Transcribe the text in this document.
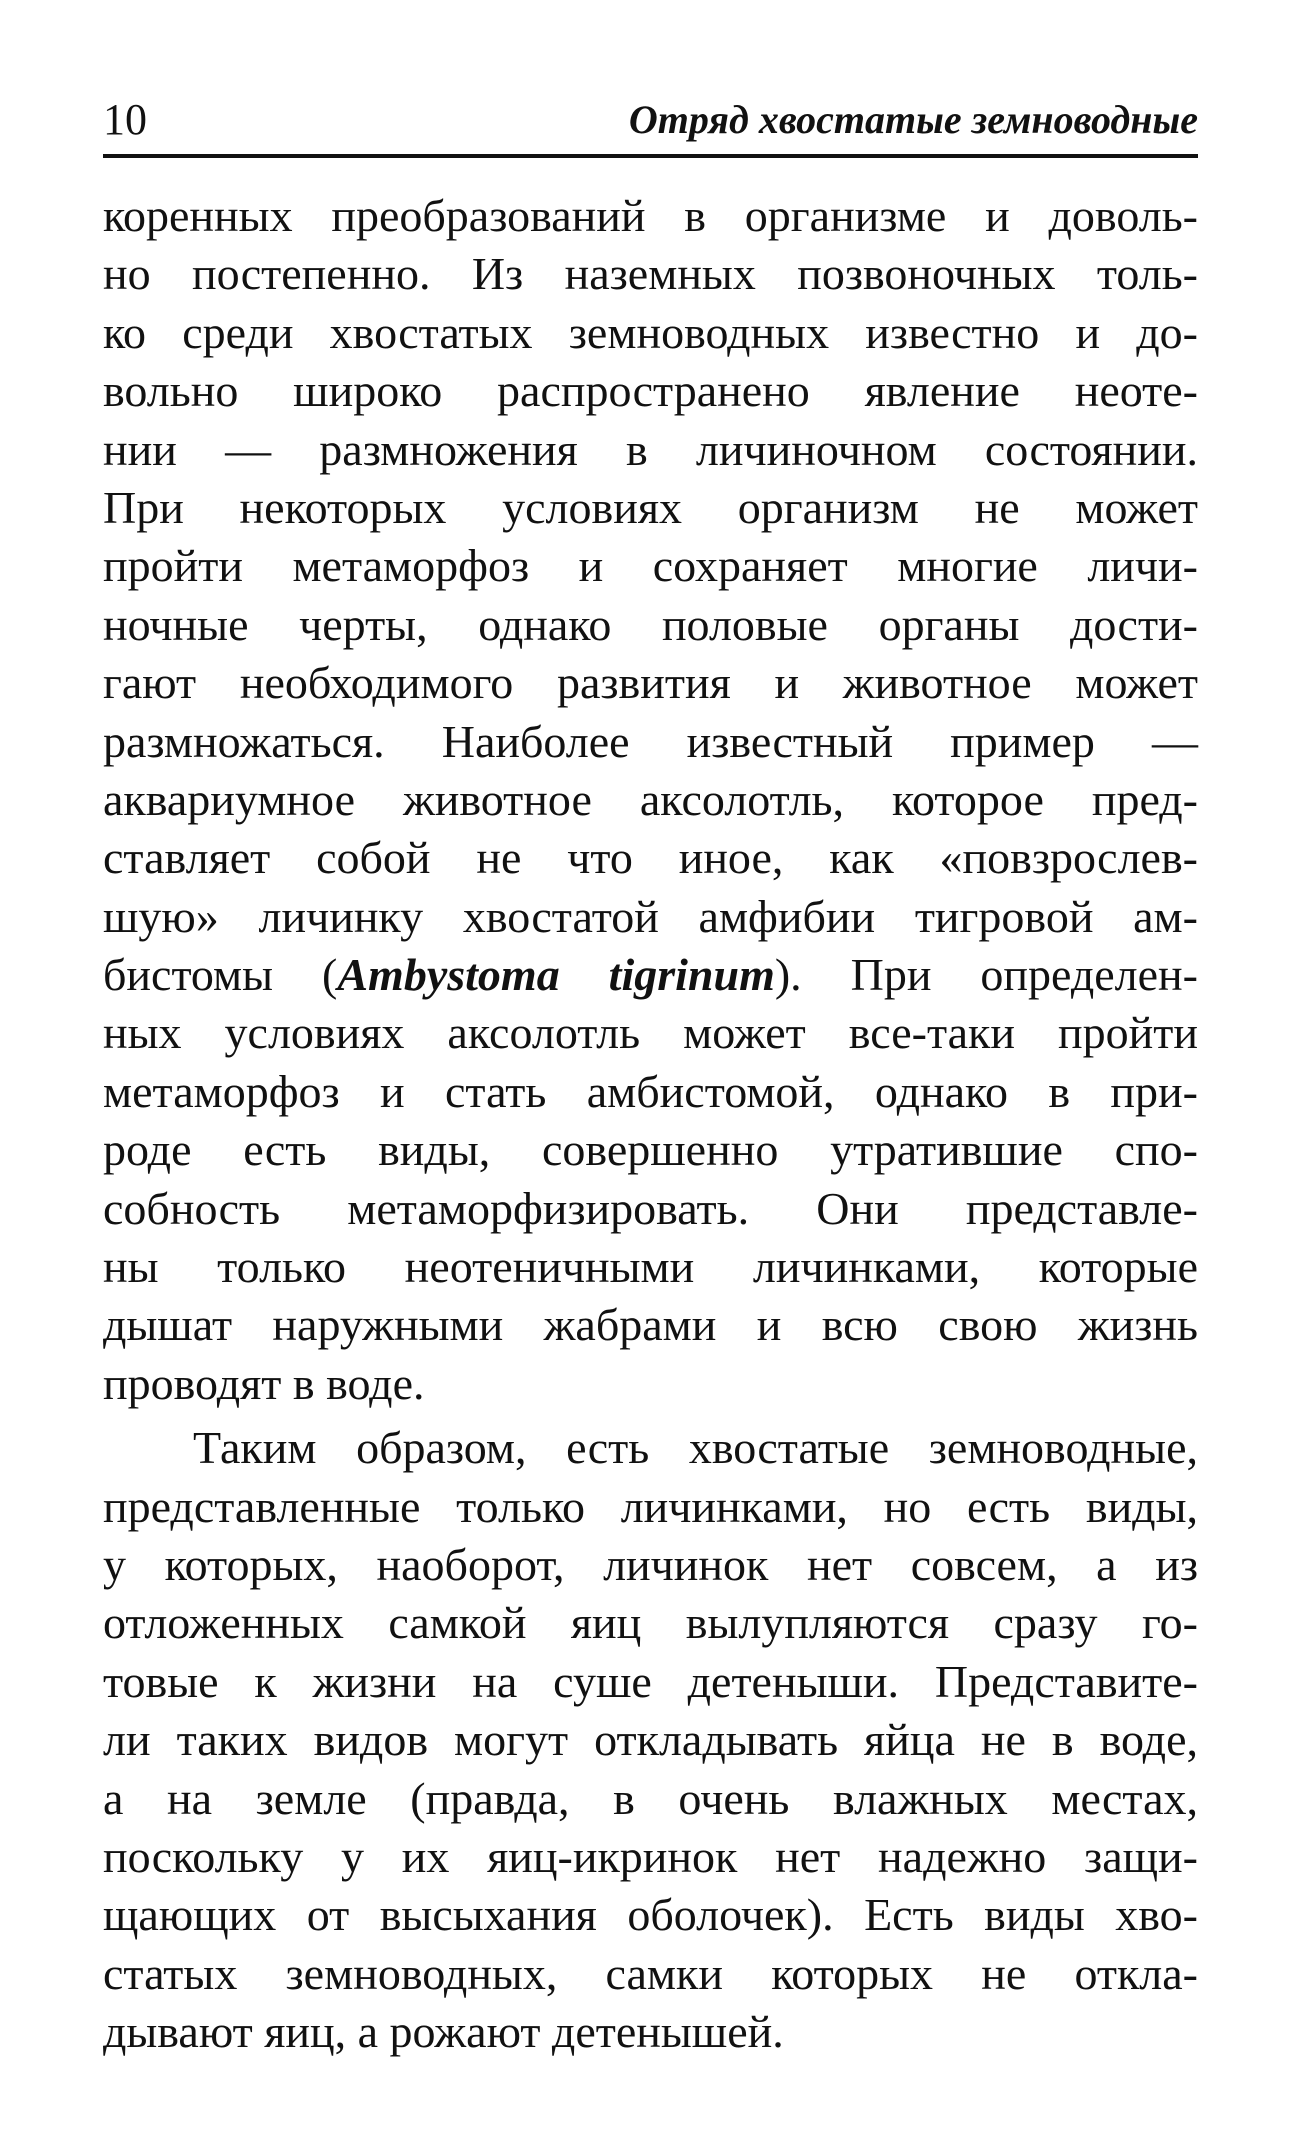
10	Отряд хвостатые земноводные
коренных преобразований в организме и доволь-
но постепенно. Из наземных позвоночных толь-
ко среди хвостатых земноводных известно и до-
вольно широко распространено явление неоте-
нии — размножения в личиночном состоянии.
При некоторых условиях организм не может
пройти метаморфоз и сохраняет многие личи-
ночные черты, однако половые органы дости-
гают необходимого развития и животное может
размножаться. Наиболее известный пример —
аквариумное животное аксолотль, которое пред-
ставляет собой не что иное, как «повзрослев-
шую» личинку хвостатой амфибии тигровой ам-
бистомы (Ambystoma tigrinum). При определен-
ных условиях аксолотль может все-таки пройти
метаморфоз и стать амбистомой, однако в при-
роде есть виды, совершенно утратившие спо-
собность метаморфизировать. Они представле-
ны только неотеничными личинками, которые
дышат наружными жабрами и всю свою жизнь
проводят в воде.
Таким образом, есть хвостатые земноводные,
представленные только личинками, но есть виды,
у которых, наоборот, личинок нет совсем, а из
отложенных самкой яиц вылупляются сразу го-
товые к жизни на суше детеныши. Представите-
ли таких видов могут откладывать яйца не в воде,
а на земле (правда, в очень влажных местах,
поскольку у их яиц-икринок нет надежно защи-
щающих от высыхания оболочек). Есть виды хво-
статых земноводных, самки которых не откла-
дывают яиц, а рожают детенышей.
